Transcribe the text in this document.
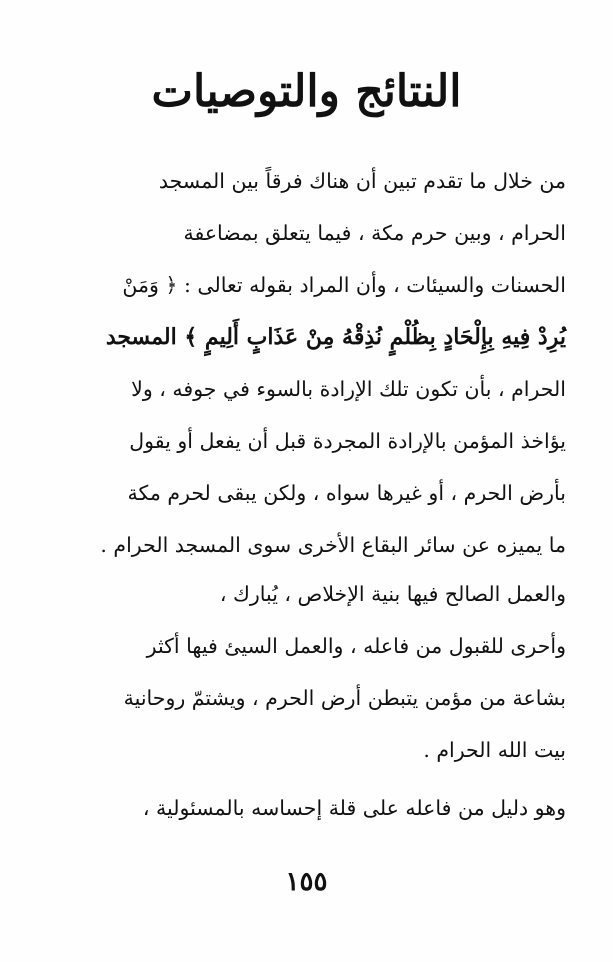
النتائج والتوصيات
من خلال ما تقدم تبين أن هناك فرقاً بين المسجد
الحرام ، وبين حرم مكة ، فيما يتعلق بمضاعفة
الحسنات والسيئات ، وأن المراد بقوله تعالى : ﴿ وَمَنْ
يُرِدْ فِيهِ بِإِلْحَادٍ بِظُلْمٍ نُذِقْهُ مِنْ عَذَابٍ أَلِيمٍ ﴾ المسجد
الحرام ، بأن تكون تلك الإرادة بالسوء في جوفه ، ولا
يؤاخذ المؤمن بالإرادة المجردة قبل أن يفعل أو يقول
بأرض الحرم ، أو غيرها سواه ، ولكن يبقى لحرم مكة
ما يميزه عن سائر البقاع الأخرى سوى المسجد الحرام .
والعمل الصالح فيها بنية الإخلاص ، يُبارك ،
وأحرى للقبول من فاعله ، والعمل السيئ فيها أكثر
بشاعة من مؤمن يتبطن أرض الحرم ، ويشتمّ روحانية
بيت الله الحرام .
وهو دليل من فاعله على قلة إحساسه بالمسئولية ،
١٥٥
